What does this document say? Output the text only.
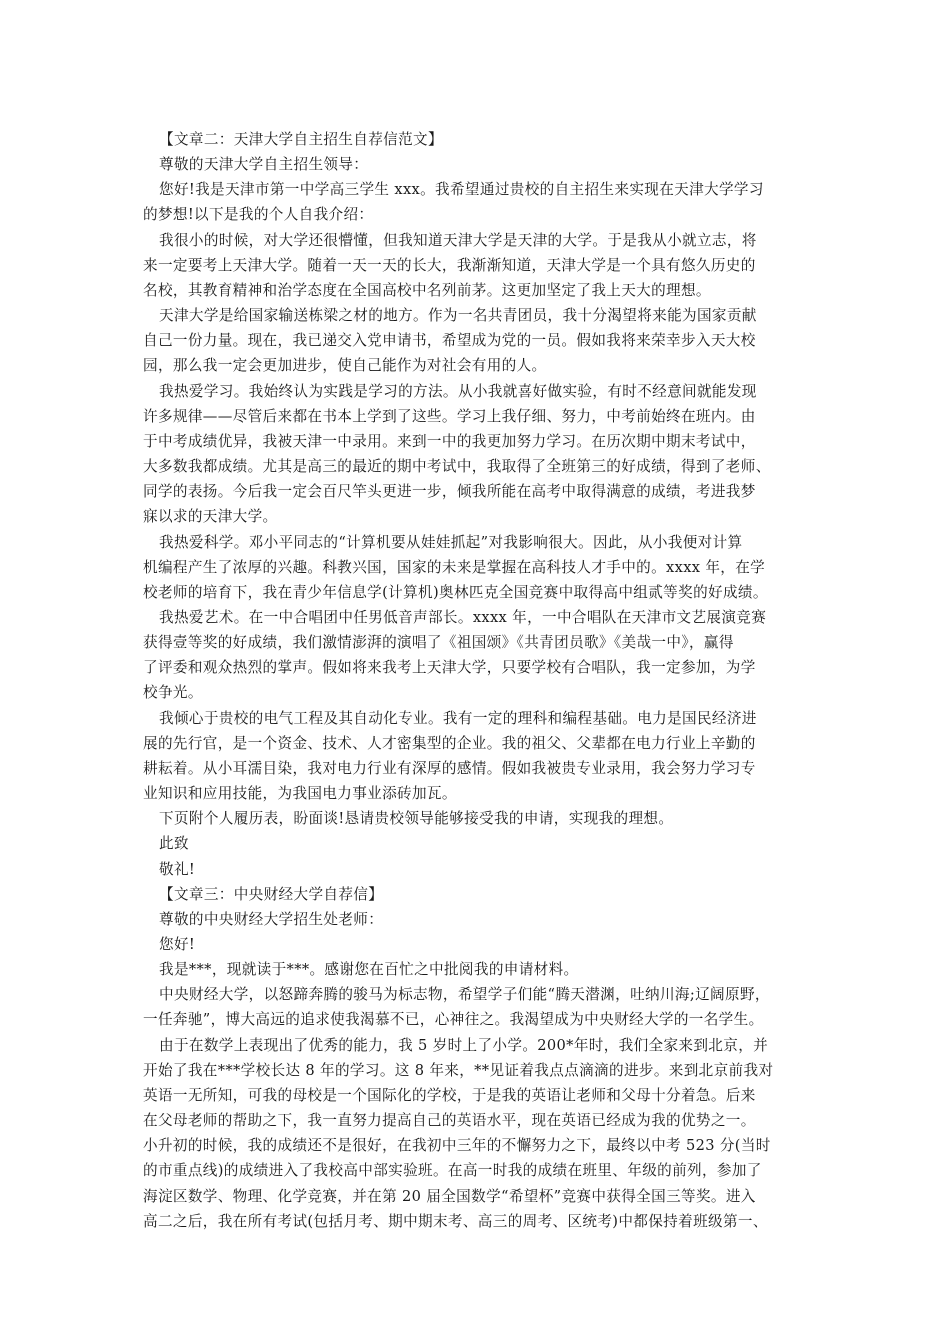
【文章二：天津大学自主招生自荐信范文】

尊敬的天津大学自主招生领导：

您好!我是天津市第一中学高三学生 xxx。我希望通过贵校的自主招生来实现在天津大学学习

的梦想!以下是我的个人自我介绍：

我很小的时候，对大学还很懵懂，但我知道天津大学是天津的大学。于是我从小就立志，将

来一定要考上天津大学。随着一天一天的长大，我渐渐知道，天津大学是一个具有悠久历史的

名校，其教育精神和治学态度在全国高校中名列前茅。这更加坚定了我上天大的理想。

天津大学是给国家输送栋梁之材的地方。作为一名共青团员，我十分渴望将来能为国家贡献

自己一份力量。现在，我已递交入党申请书，希望成为党的一员。假如我将来荣幸步入天大校

园，那么我一定会更加进步，使自己能作为对社会有用的人。

我热爱学习。我始终认为实践是学习的方法。从小我就喜好做实验，有时不经意间就能发现

许多规律——尽管后来都在书本上学到了这些。学习上我仔细、努力，中考前始终在班内。由

于中考成绩优异，我被天津一中录用。来到一中的我更加努力学习。在历次期中期末考试中，

大多数我都成绩。尤其是高三的最近的期中考试中，我取得了全班第三的好成绩，得到了老师、

同学的表扬。今后我一定会百尺竿头更进一步，倾我所能在高考中取得满意的成绩，考进我梦

寐以求的天津大学。

我热爱科学。邓小平同志的“计算机要从娃娃抓起”对我影响很大。因此，从小我便对计算

机编程产生了浓厚的兴趣。科教兴国，国家的未来是掌握在高科技人才手中的。xxxx 年，在学

校老师的培育下，我在青少年信息学(计算机)奥林匹克全国竞赛中取得高中组贰等奖的好成绩。

我热爱艺术。在一中合唱团中任男低音声部长。xxxx 年，一中合唱队在天津市文艺展演竞赛

获得壹等奖的好成绩，我们激情澎湃的演唱了《祖国颂》《共青团员歌》《美哉一中》，赢得

了评委和观众热烈的掌声。假如将来我考上天津大学，只要学校有合唱队，我一定参加，为学

校争光。

我倾心于贵校的电气工程及其自动化专业。我有一定的理科和编程基础。电力是国民经济进

展的先行官，是一个资金、技术、人才密集型的企业。我的祖父、父辈都在电力行业上辛勤的

耕耘着。从小耳濡目染，我对电力行业有深厚的感情。假如我被贵专业录用，我会努力学习专

业知识和应用技能，为我国电力事业添砖加瓦。

下页附个人履历表，盼面谈!恳请贵校领导能够接受我的申请，实现我的理想。

此致

敬礼!

【文章三：中央财经大学自荐信】

尊敬的中央财经大学招生处老师：

您好!

我是***，现就读于***。感谢您在百忙之中批阅我的申请材料。

中央财经大学，以怒蹄奔腾的骏马为标志物，希望学子们能“腾天潜渊，吐纳川海;辽阔原野，

一任奔驰”，博大高远的追求使我渴慕不已，心神往之。我渴望成为中央财经大学的一名学生。

由于在数学上表现出了优秀的能力，我 5 岁时上了小学。200*年时，我们全家来到北京，并

开始了我在***学校长达 8 年的学习。这 8 年来，**见证着我点点滴滴的进步。来到北京前我对

英语一无所知，可我的母校是一个国际化的学校，于是我的英语让老师和父母十分着急。后来

在父母老师的帮助之下，我一直努力提高自己的英语水平，现在英语已经成为我的优势之一。

小升初的时候，我的成绩还不是很好，在我初中三年的不懈努力之下，最终以中考 523 分(当时

的市重点线)的成绩进入了我校高中部实验班。在高一时我的成绩在班里、年级的前列，参加了

海淀区数学、物理、化学竞赛，并在第 20 届全国数学“希望杯”竞赛中获得全国三等奖。进入

高二之后，我在所有考试(包括月考、期中期末考、高三的周考、区统考)中都保持着班级第一、
